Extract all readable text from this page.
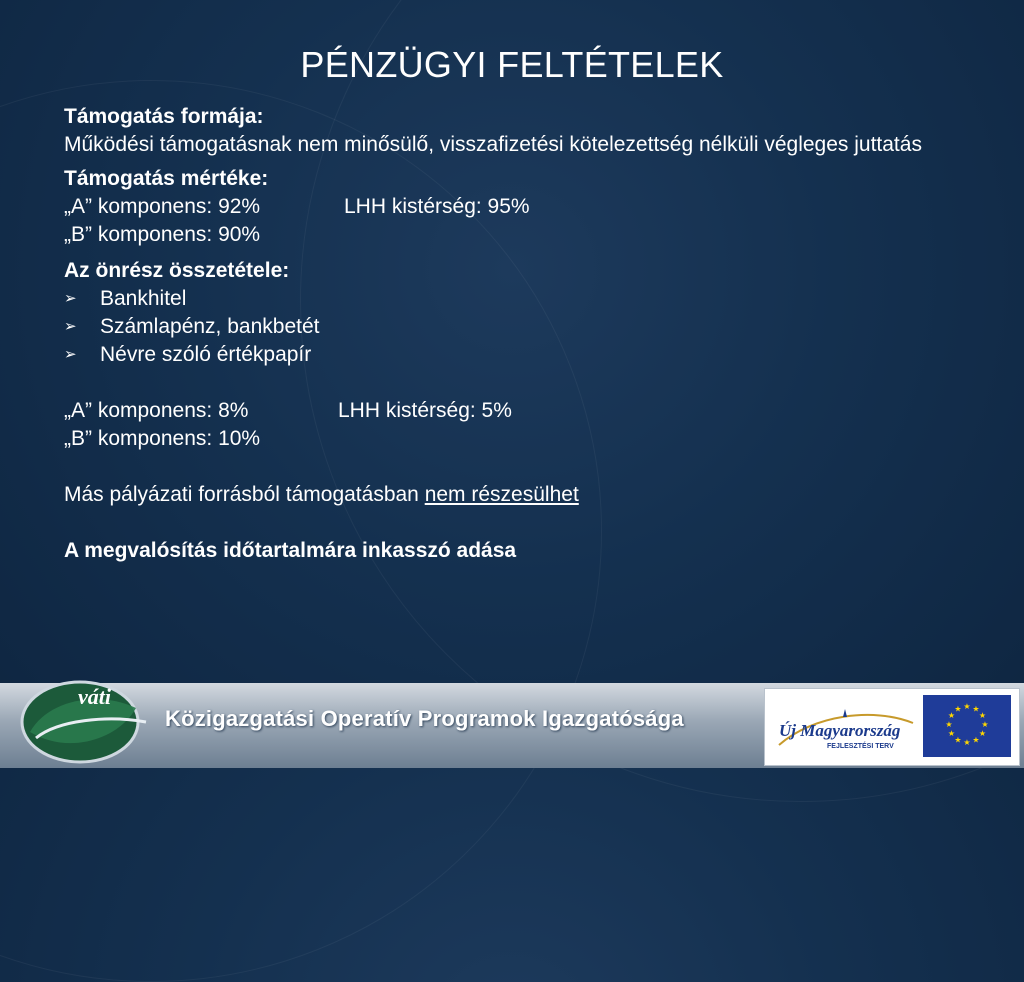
PÉNZÜGYI FELTÉTELEK
Támogatás formája:
Működési támogatásnak nem minősülő, visszafizetési kötelezettség nélküli végleges juttatás
Támogatás mértéke:
„A” komponens: 92%	LHH kistérség: 95%
„B” komponens: 90%
Az önrész összetétele:
➢	Bankhitel
➢	Számlapénz, bankbetét
➢	Névre szóló értékpapír
„A” komponens: 8%	LHH kistérség: 5%
„B” komponens: 10%
Más pályázati forrásból támogatásban nem részesülhet
A megvalósítás időtartalmára inkasszó adása
Közigazgatási Operatív Programok Igazgatósága
váti
Új Magyarország
FEJLESZTÉSI TERV
★ ★
★
★
★
★
★
★
★
★
★
★
